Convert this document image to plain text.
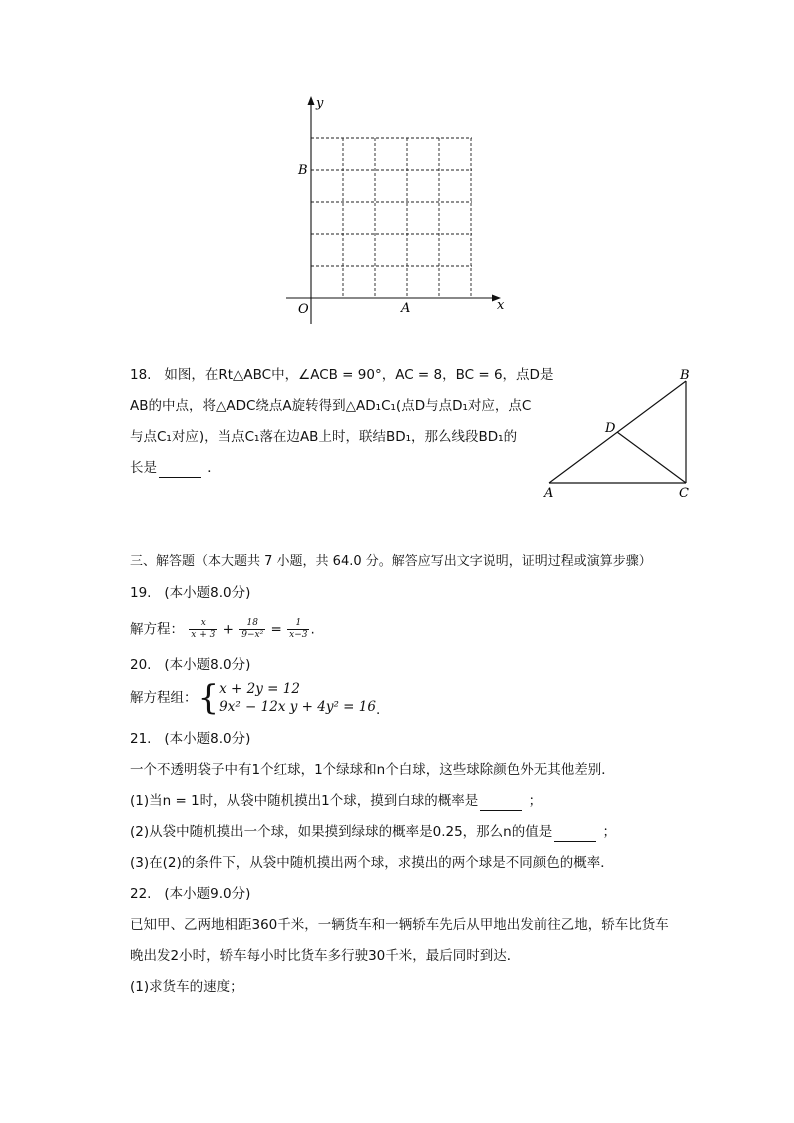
y
x
O
B
A
18. 如图，在Rt△ABC中，∠ACB = 90°，AC = 8，BC = 6，点D是
AB的中点，将△ADC绕点A旋转得到△AD₁C₁(点D与点D₁对应，点C
与点C₁对应)，当点C₁落在边AB上时，联结BD₁，那么线段BD₁的
长是	．
B
A	C
D
三、解答题（本大题共 7 小题，共 64.0 分。解答应写出文字说明，证明过程或演算步骤）
19.   (本小题8.0分)
解方程： $\frac{x}{x + 3} + \frac{18}{\text{9−x²}} = \frac{1}{x-3}$ .
20.   (本小题8.0分)
解方程组：{ x + 2y = 12
9x² − 12x y + 4y² = 16 .
21.   (本小题8.0分)
一个不透明袋子中有1个红球，1个绿球和n个白球，这些球除颜色外无其他差别．
(1)当n = 1时，从袋中随机摸出1个球，摸到白球的概率是	；
(2)从袋中随机摸出一个球，如果摸到绿球的概率是0.25，那么n的值是	；
(3)在(2)的条件下，从袋中随机摸出两个球，求摸出的两个球是不同颜色的概率．
22.   (本小题9.0分)
已知甲、乙两地相距360千米，一辆货车和一辆轿车先后从甲地出发前往乙地，轿车比货车
晚出发2小时，轿车每小时比货车多行驶30千米，最后同时到达．
(1)求货车的速度；
